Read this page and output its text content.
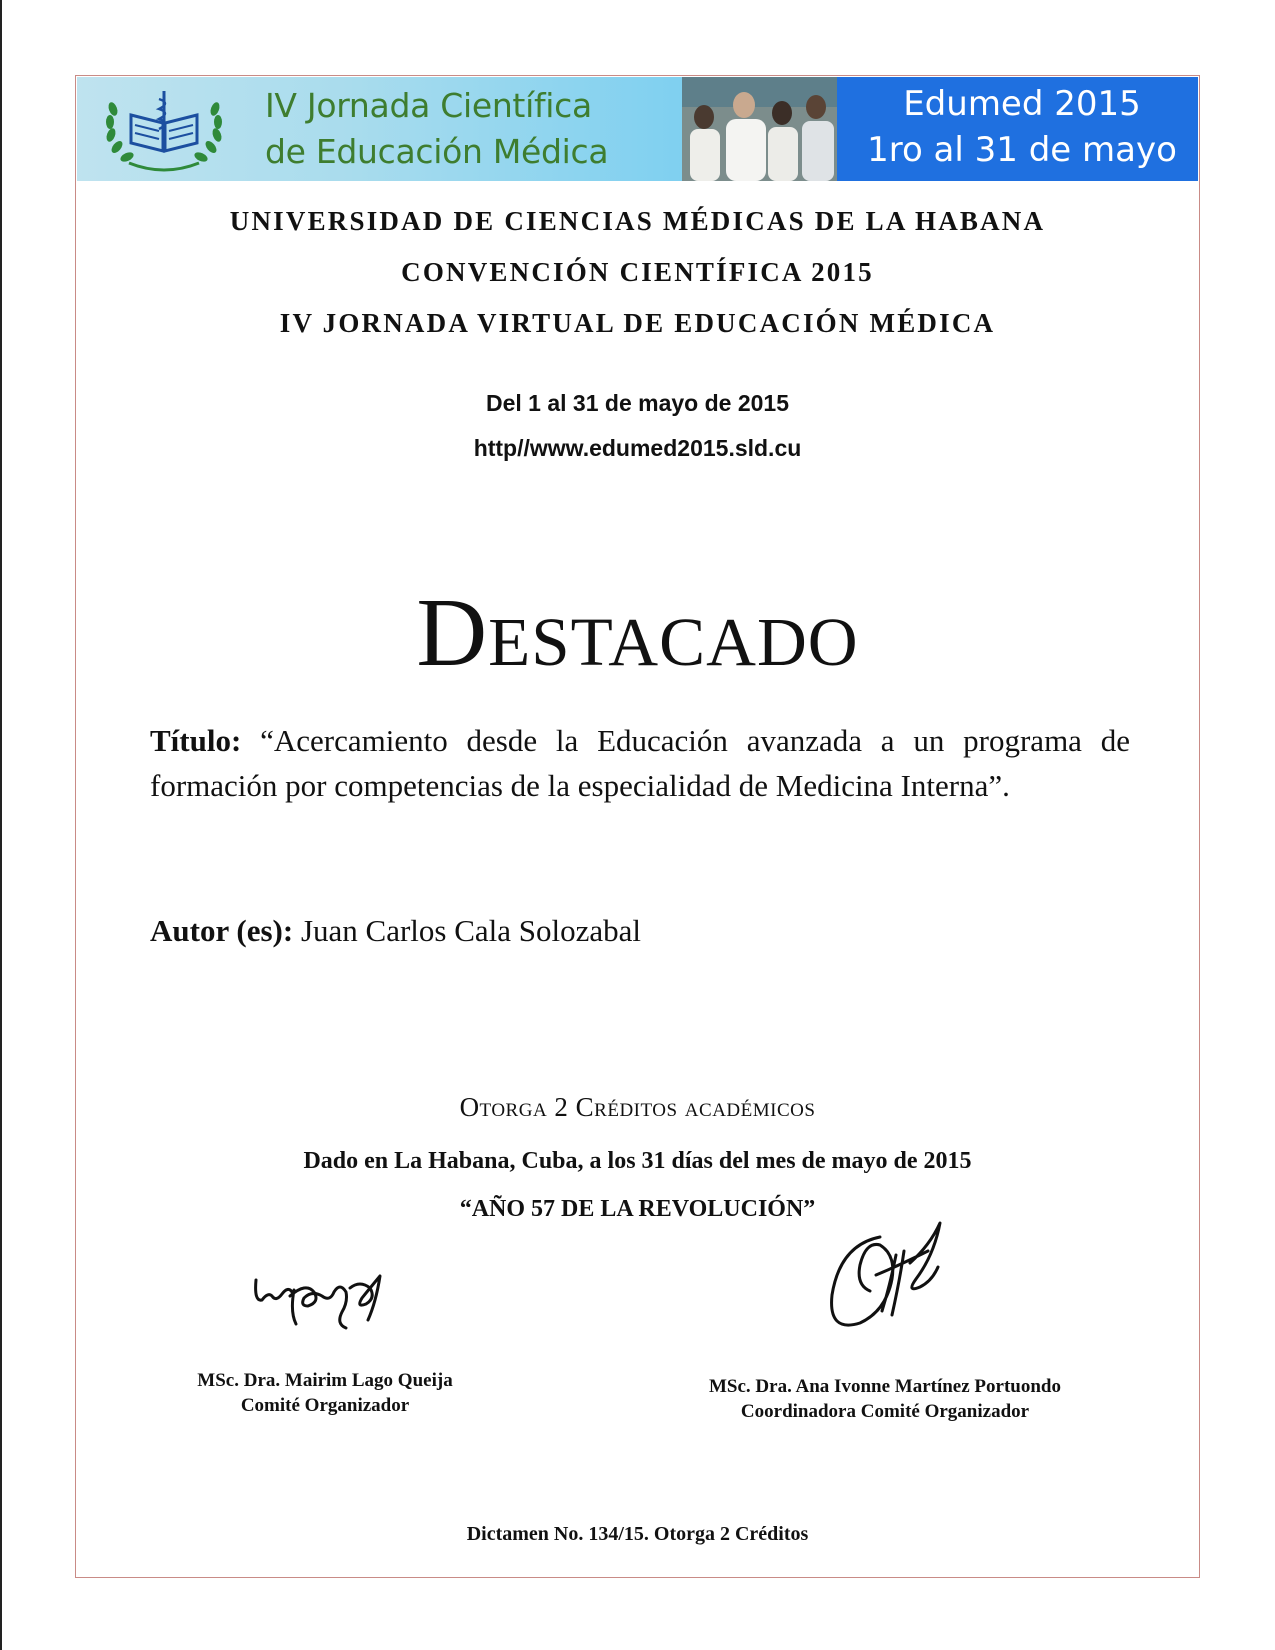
IV Jornada Científica
de Educación Médica
Edumed 2015
1ro al 31 de mayo
UNIVERSIDAD DE CIENCIAS MÉDICAS DE LA HABANA
CONVENCIÓN CIENTÍFICA 2015
IV JORNADA VIRTUAL DE EDUCACIÓN MÉDICA
Del 1 al 31 de mayo de 2015
http//www.edumed2015.sld.cu
Destacado
Título: “Acercamiento desde la Educación avanzada a un programa de formación por competencias de la especialidad de Medicina Interna”.
Autor (es): Juan Carlos Cala Solozabal
Otorga 2 Créditos académicos
Dado en La Habana, Cuba, a los 31 días del mes de mayo de 2015
“AÑO 57 DE LA REVOLUCIÓN”
MSc. Dra. Mairim Lago Queija
Comité Organizador
MSc. Dra. Ana Ivonne Martínez Portuondo
Coordinadora Comité Organizador
Dictamen No. 134/15. Otorga 2 Créditos
